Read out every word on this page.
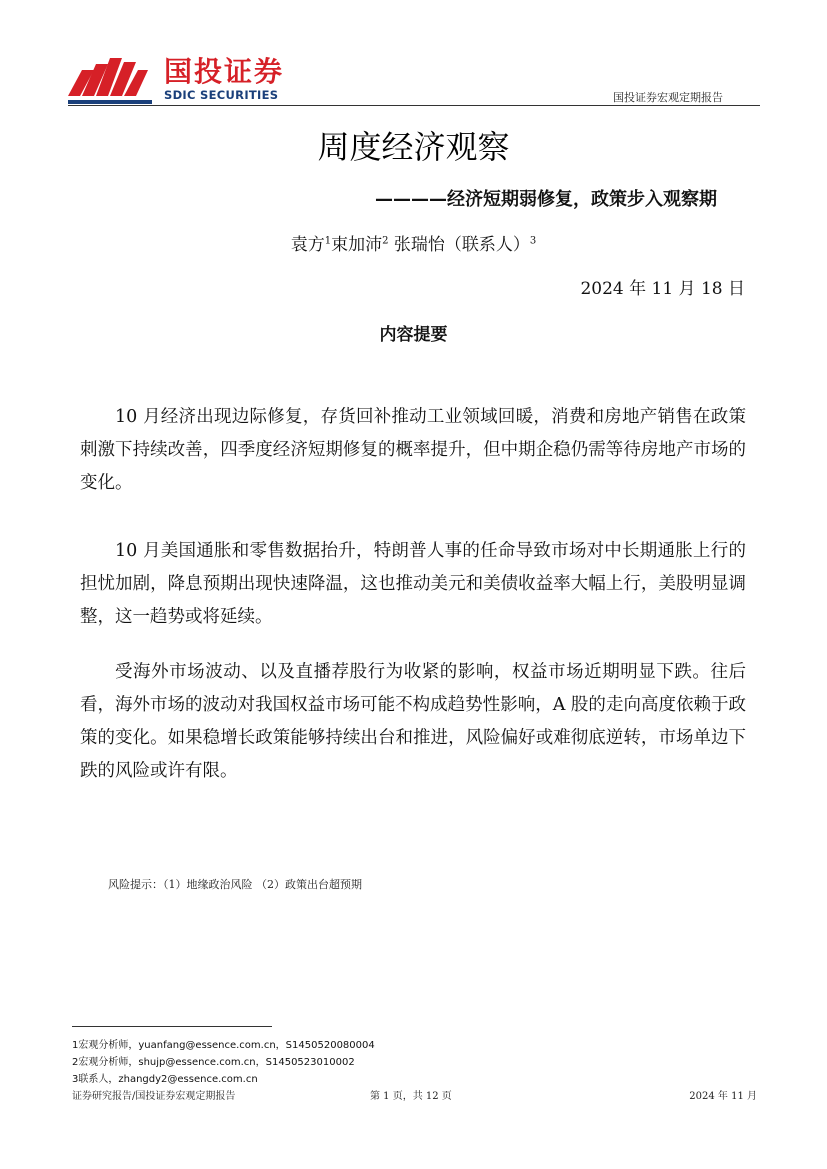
国投证券
SDIC SECURITIES	国投证券宏观定期报告
周度经济观察
————经济短期弱修复，政策步入观察期
袁方$^1$束加沛$^2$ 张瑞怡（联系人）$^3$
2024 年 11 月 18 日
内容提要
10 月经济出现边际修复，存货回补推动工业领域回暖，消费和房地产销售在政策刺激下持续改善，四季度经济短期修复的概率提升，但中期企稳仍需等待房地产市场的变化。
10 月美国通胀和零售数据抬升，特朗普人事的任命导致市场对中长期通胀上行的担忧加剧，降息预期出现快速降温，这也推动美元和美债收益率大幅上行，美股明显调整，这一趋势或将延续。
受海外市场波动、以及直播荐股行为收紧的影响，权益市场近期明显下跌。往后看，海外市场的波动对我国权益市场可能不构成趋势性影响，A 股的走向高度依赖于政策的变化。如果稳增长政策能够持续出台和推进，风险偏好或难彻底逆转，市场单边下跌的风险或许有限。
风险提示：（1）地缘政治风险 （2）政策出台超预期
1宏观分析师，yuanfang@essence.com.cn，S1450520080004
2宏观分析师，shujp@essence.com.cn，S1450523010002
3联系人，zhangdy2@essence.com.cn
证券研究报告/国投证券宏观定期报告	第 1 页，共 12 页	2024 年 11 月
